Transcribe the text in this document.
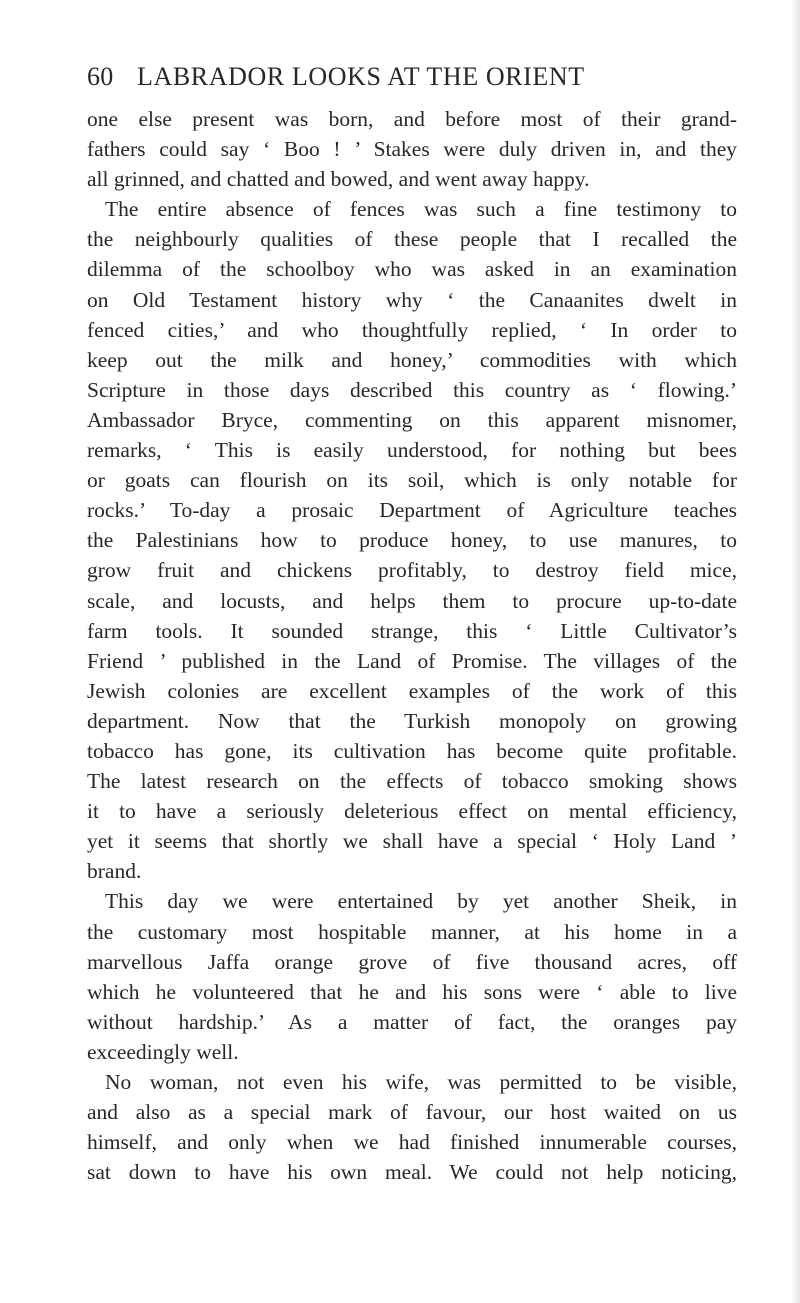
60 LABRADOR LOOKS AT THE ORIENT
one else present was born, and before most of their grand-
fathers could say ‘ Boo ! ’ Stakes were duly driven in, and they
all grinned, and chatted and bowed, and went away happy.
The entire absence of fences was such a fine testimony to
the neighbourly qualities of these people that I recalled the
dilemma of the schoolboy who was asked in an examination
on Old Testament history why ‘ the Canaanites dwelt in
fenced cities,’ and who thoughtfully replied, ‘ In order to
keep out the milk and honey,’ commodities with which
Scripture in those days described this country as ‘ flowing.’
Ambassador Bryce, commenting on this apparent misnomer,
remarks, ‘ This is easily understood, for nothing but bees
or goats can flourish on its soil, which is only notable for
rocks.’ To-day a prosaic Department of Agriculture teaches
the Palestinians how to produce honey, to use manures, to
grow fruit and chickens profitably, to destroy field mice,
scale, and locusts, and helps them to procure up-to-date
farm tools. It sounded strange, this ‘ Little Cultivator’s
Friend ’ published in the Land of Promise. The villages of the
Jewish colonies are excellent examples of the work of this
department. Now that the Turkish monopoly on growing
tobacco has gone, its cultivation has become quite profitable.
The latest research on the effects of tobacco smoking shows
it to have a seriously deleterious effect on mental efficiency,
yet it seems that shortly we shall have a special ‘ Holy Land ’
brand.
This day we were entertained by yet another Sheik, in
the customary most hospitable manner, at his home in a
marvellous Jaffa orange grove of five thousand acres, off
which he volunteered that he and his sons were ‘ able to live
without hardship.’ As a matter of fact, the oranges pay
exceedingly well.
No woman, not even his wife, was permitted to be visible,
and also as a special mark of favour, our host waited on us
himself, and only when we had finished innumerable courses,
sat down to have his own meal. We could not help noticing,
